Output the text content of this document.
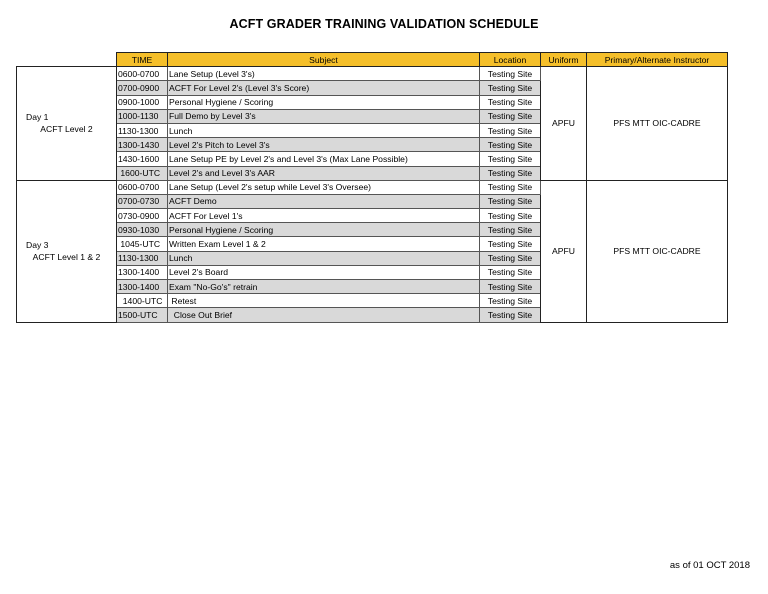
ACFT GRADER TRAINING VALIDATION SCHEDULE
	TIME	Subject	Location	Uniform	Primary/Alternate Instructor

Day 1
ACFT Level 2	0600-0700	Lane Setup (Level 3's)	Testing Site	APFU	PFS MTT OIC-CADRE
	0700-0900	ACFT For Level 2's (Level 3's Score)	Testing Site		
	0900-1000	Personal Hygiene / Scoring	Testing Site		
	1000-1130	Full Demo by Level 3's	Testing Site		
	1130-1300	Lunch	Testing Site		
	1300-1430	Level 2's Pitch to Level 3's	Testing Site		
	1430-1600	Lane Setup PE by Level 2's and Level 3's (Max Lane Possible)	Testing Site		
	1600-UTC	Level 2's and Level 3's AAR	Testing Site		

Day 3
ACFT Level 1 & 2	0600-0700	Lane Setup (Level 2's setup while Level 3's Oversee)	Testing Site	APFU	PFS MTT OIC-CADRE
	0700-0730	ACFT Demo	Testing Site		
	0730-0900	ACFT For Level 1's	Testing Site		
	0930-1030	Personal Hygiene / Scoring	Testing Site		
	1045-UTC	Written Exam Level 1 & 2	Testing Site		
	1130-1300	Lunch	Testing Site		
	1300-1400	Level 2's Board	Testing Site		
	1300-1400	Exam "No-Go's" retrain	Testing Site		
	1400-UTC	Retest	Testing Site		
	1500-UTC	Close Out Brief	Testing Site		
as of 01 OCT 2018
